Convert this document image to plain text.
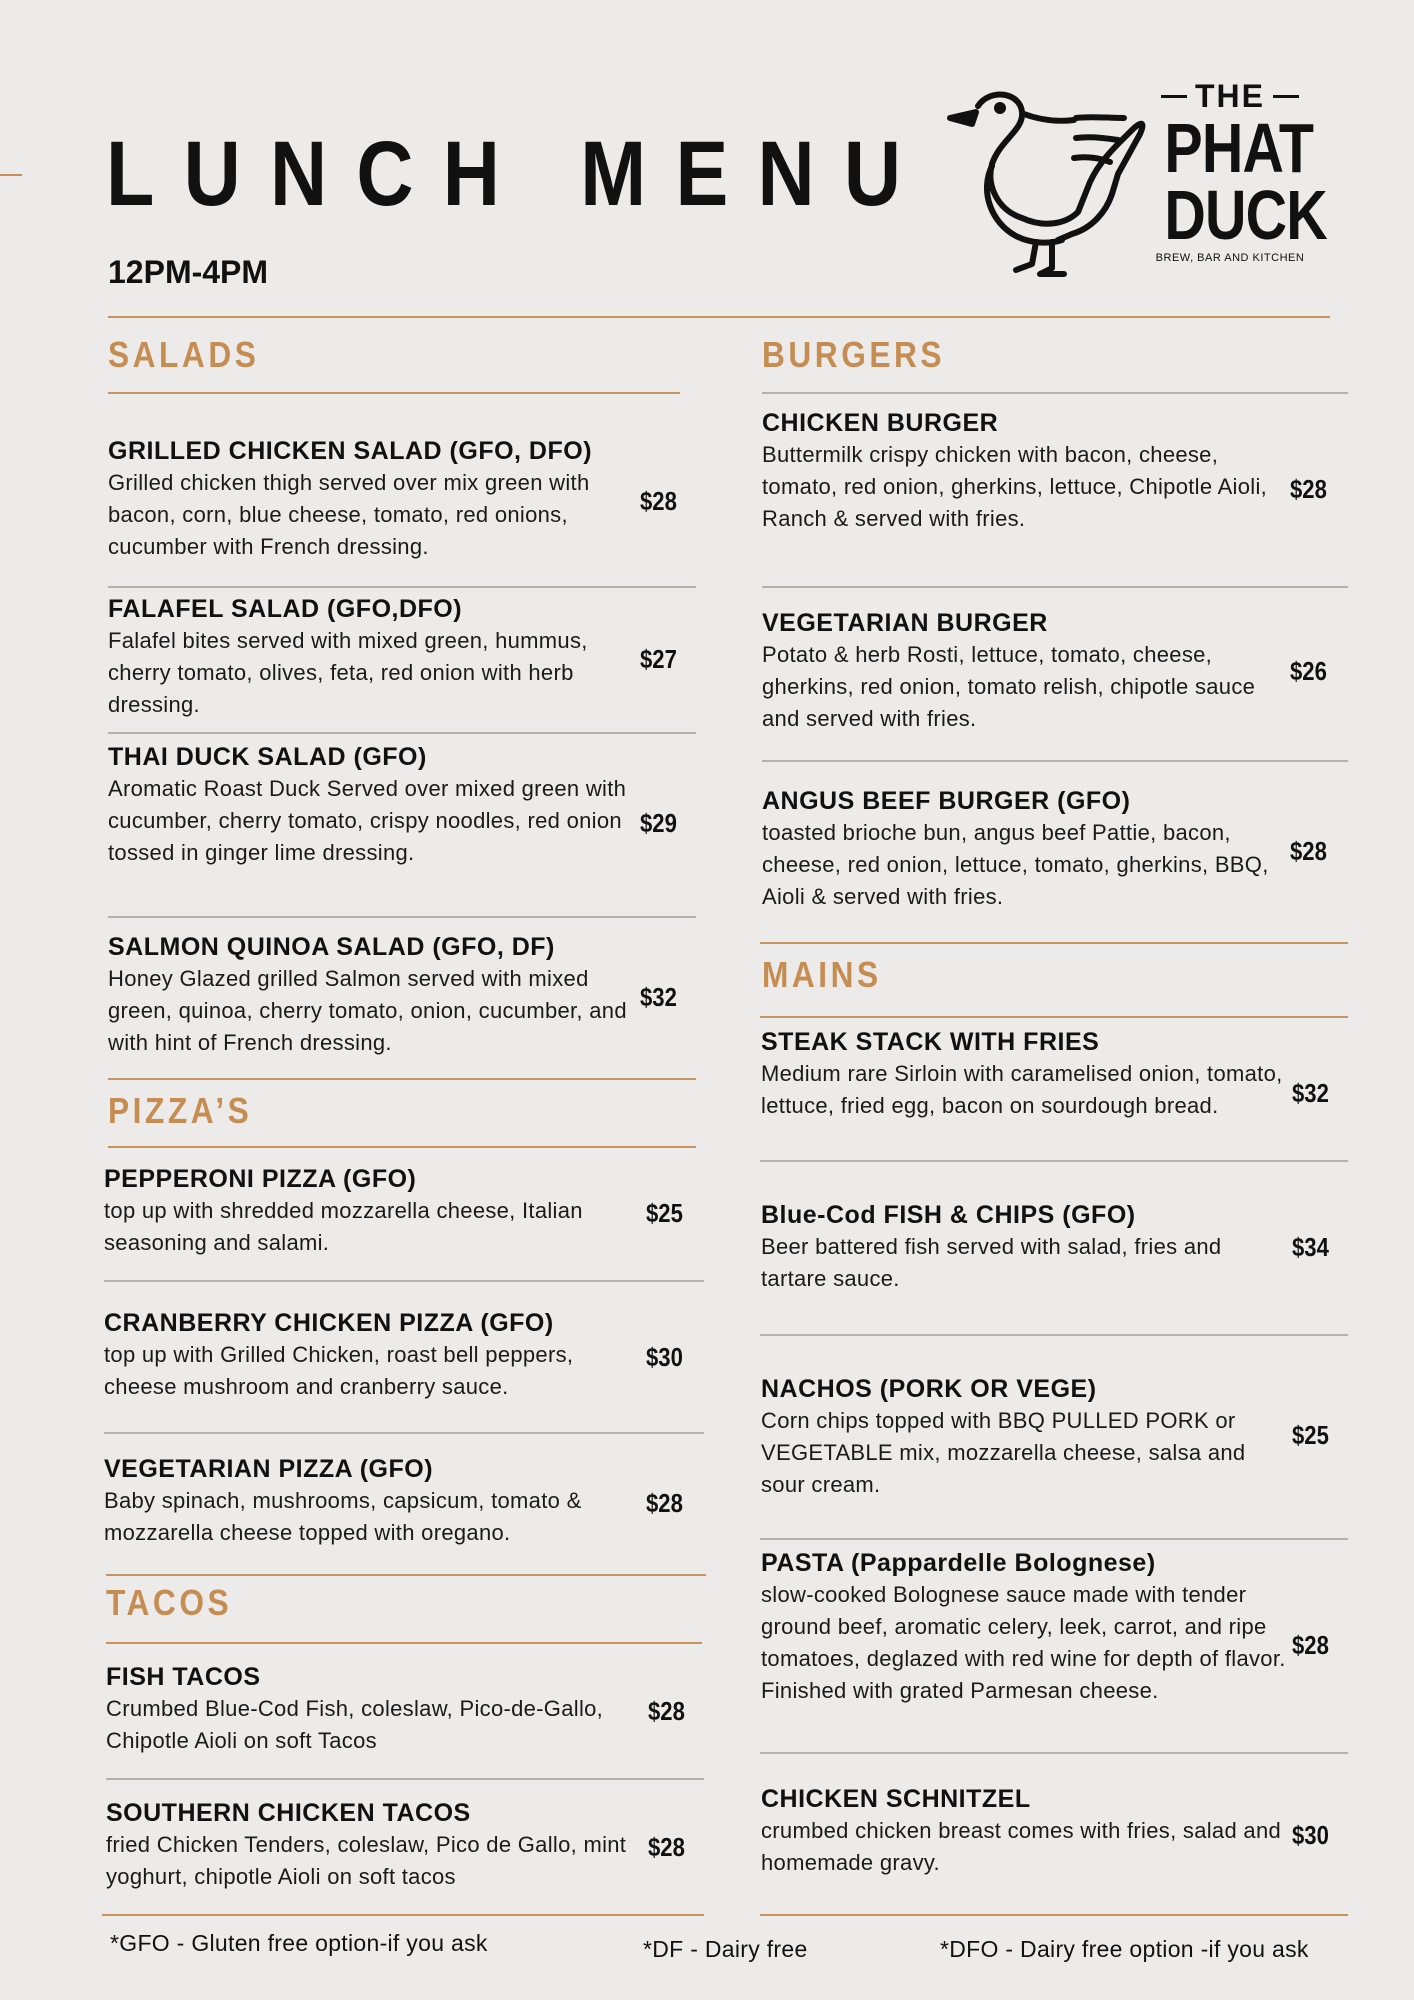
LUNCH MENU
12PM-4PM
THE
PHAT
DUCK
BREW, BAR AND KITCHEN
SALADS
GRILLED CHICKEN SALAD (GFO, DFO)
Grilled chicken thigh served over mix green with bacon, corn, blue cheese, tomato, red onions, cucumber with French dressing.
$28
FALAFEL SALAD (GFO,DFO)
Falafel bites served with mixed green, hummus, cherry tomato, olives, feta, red onion with herb dressing.
$27
THAI DUCK SALAD (GFO)
Aromatic Roast Duck Served over mixed green with cucumber, cherry tomato, crispy noodles, red onion tossed in ginger lime dressing.
$29
SALMON QUINOA SALAD (GFO, DF)
Honey Glazed grilled Salmon served with mixed green, quinoa, cherry tomato, onion, cucumber, and with hint of French dressing.
$32
PIZZA’S
PEPPERONI PIZZA (GFO)
top up with shredded mozzarella cheese, Italian seasoning and salami.
$25
CRANBERRY CHICKEN PIZZA (GFO)
top up with Grilled Chicken, roast bell peppers, cheese mushroom and cranberry sauce.
$30
VEGETARIAN PIZZA (GFO)
Baby spinach, mushrooms, capsicum, tomato & mozzarella cheese topped with oregano.
$28
TACOS
FISH TACOS
Crumbed Blue-Cod Fish, coleslaw, Pico-de-Gallo, Chipotle Aioli on soft Tacos
$28
SOUTHERN CHICKEN TACOS
fried Chicken Tenders, coleslaw, Pico de Gallo, mint yoghurt, chipotle Aioli on soft tacos
$28
BURGERS
CHICKEN BURGER
Buttermilk crispy chicken with bacon, cheese, tomato, red onion, gherkins, lettuce, Chipotle Aioli, Ranch & served with fries.
$28
VEGETARIAN BURGER
Potato & herb Rosti, lettuce, tomato, cheese, gherkins, red onion, tomato relish, chipotle sauce and served with fries.
$26
ANGUS BEEF BURGER (GFO)
toasted brioche bun, angus beef Pattie, bacon, cheese, red onion, lettuce, tomato, gherkins, BBQ, Aioli & served with fries.
$28
MAINS
STEAK STACK WITH FRIES
Medium rare Sirloin with caramelised onion, tomato, lettuce, fried egg, bacon on sourdough bread.	$32
Blue-Cod FISH & CHIPS (GFO)
Beer battered fish served with salad, fries and tartare sauce.
$34
NACHOS (PORK OR VEGE)
Corn chips topped with BBQ PULLED PORK or VEGETABLE mix, mozzarella cheese, salsa and sour cream.
$25
PASTA (Pappardelle Bolognese)
slow-cooked Bolognese sauce made with tender ground beef, aromatic celery, leek, carrot, and ripe tomatoes, deglazed with red wine for depth of flavor. Finished with grated Parmesan cheese.
$28
CHICKEN SCHNITZEL
crumbed chicken breast comes with fries, salad and homemade gravy.
$30
*GFO - Gluten free option-if you ask	*DF - Dairy free	*DFO - Dairy free option -if you ask
